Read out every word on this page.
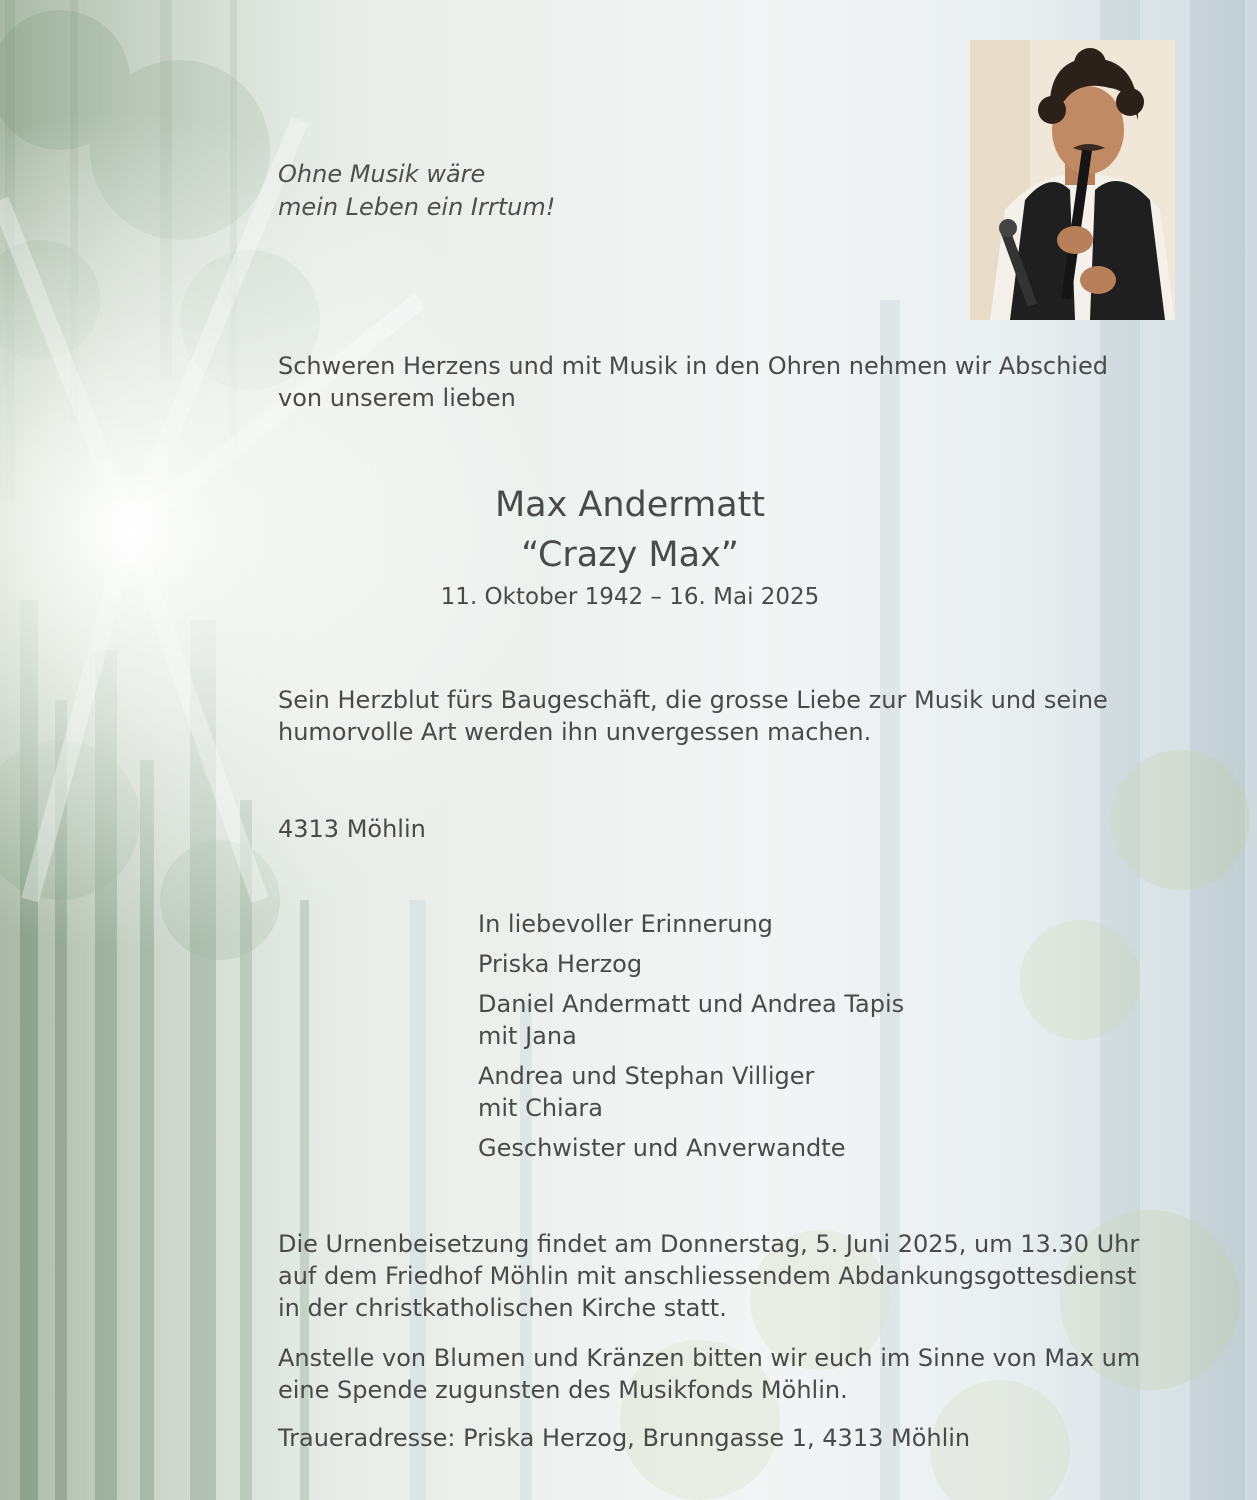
Ohne Musik wäre
mein Leben ein Irrtum!

Schweren Herzens und mit Musik in den Ohren nehmen wir Abschied
von unserem lieben

Max Andermatt
“Crazy Max”
11. Oktober 1942 – 16. Mai 2025

Sein Herzblut fürs Baugeschäft, die grosse Liebe zur Musik und seine
humorvolle Art werden ihn unvergessen machen.

4313 Möhlin

In liebevoller Erinnerung
Priska Herzog
Daniel Andermatt und Andrea Tapis
mit Jana
Andrea und Stephan Villiger
mit Chiara
Geschwister und Anverwandte

Die Urnenbeisetzung findet am Donnerstag, 5. Juni 2025, um 13.30 Uhr
auf dem Friedhof Möhlin mit anschliessendem Abdankungsgottesdienst
in der christkatholischen Kirche statt.

Anstelle von Blumen und Kränzen bitten wir euch im Sinne von Max um
eine Spende zugunsten des Musikfonds Möhlin.

Traueradresse: Priska Herzog, Brunngasse 1, 4313 Möhlin
